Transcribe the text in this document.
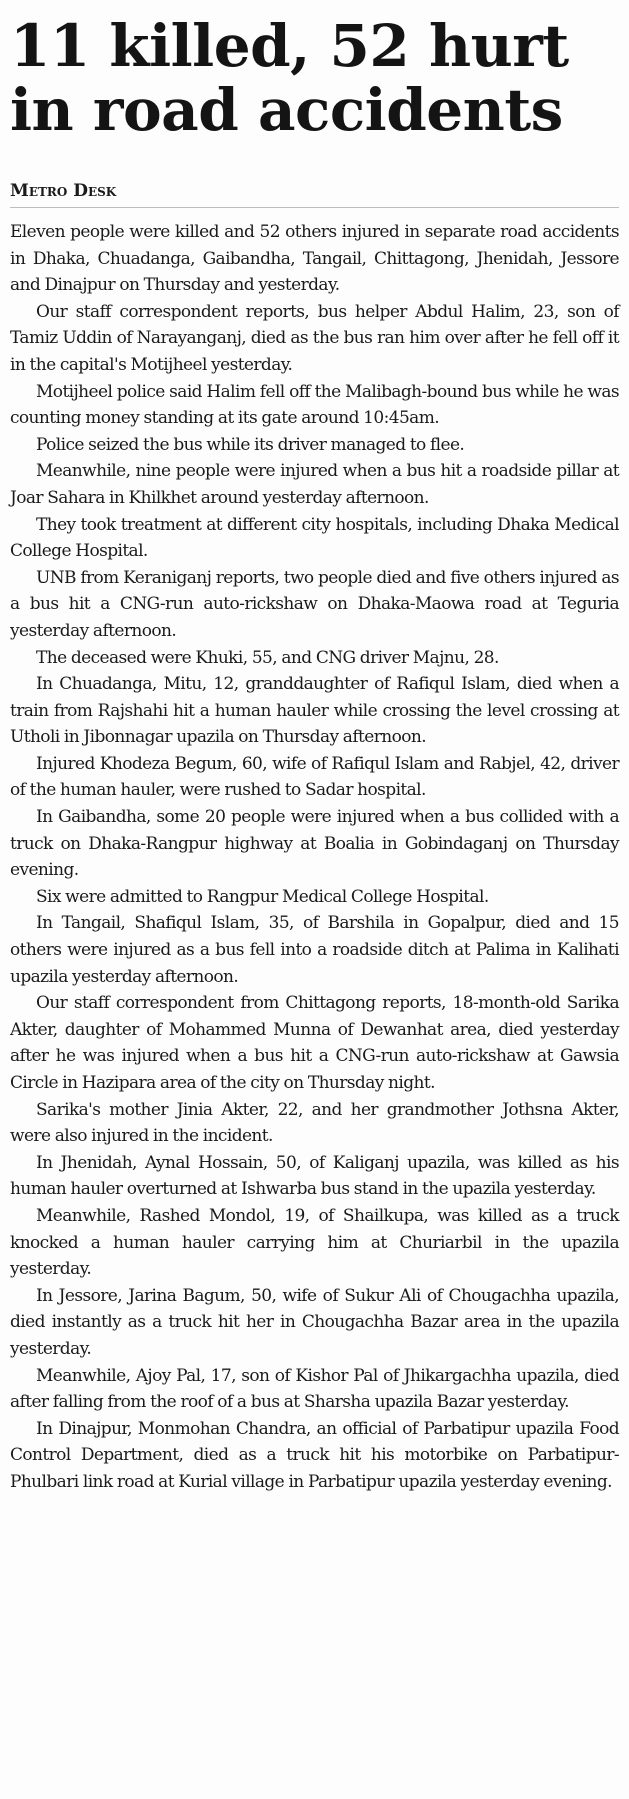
11 killed, 52 hurt
in road accidents
Metro Desk

Eleven people were killed and 52 others injured in separate road accidents in Dhaka, Chuadanga, Gaibandha, Tangail, Chittagong, Jhenidah, Jessore and Dinajpur on Thursday and yesterday.

Our staff correspondent reports, bus helper Abdul Halim, 23, son of Tamiz Uddin of Narayanganj, died as the bus ran him over after he fell off it in the capital's Motijheel yesterday.

Motijheel police said Halim fell off the Malibagh-bound bus while he was counting money standing at its gate around 10:45am.

Police seized the bus while its driver managed to flee.

Meanwhile, nine people were injured when a bus hit a roadside pillar at Joar Sahara in Khilkhet around yesterday afternoon.

They took treatment at different city hospitals, including Dhaka Medical College Hospital.

UNB from Keraniganj reports, two people died and five others injured as a bus hit a CNG-run auto-rickshaw on Dhaka-Maowa road at Teguria yesterday afternoon.

The deceased were Khuki, 55, and CNG driver Majnu, 28.

In Chuadanga, Mitu, 12, granddaughter of Rafiqul Islam, died when a train from Rajshahi hit a human hauler while crossing the level crossing at Utholi in Jibonnagar upazila on Thursday afternoon.

Injured Khodeza Begum, 60, wife of Rafiqul Islam and Rabjel, 42, driver of the human hauler, were rushed to Sadar hospital.

In Gaibandha, some 20 people were injured when a bus collided with a truck on Dhaka-Rangpur highway at Boalia in Gobindaganj on Thursday evening.

Six were admitted to Rangpur Medical College Hospital.

In Tangail, Shafiqul Islam, 35, of Barshila in Gopalpur, died and 15 others were injured as a bus fell into a roadside ditch at Palima in Kalihati upazila yesterday afternoon.

Our staff correspondent from Chittagong reports, 18-month-old Sarika Akter, daughter of Mohammed Munna of Dewanhat area, died yesterday after he was injured when a bus hit a CNG-run auto-rickshaw at Gawsia Circle in Hazipara area of the city on Thursday night.

Sarika's mother Jinia Akter, 22, and her grandmother Jothsna Akter, were also injured in the incident.

In Jhenidah, Aynal Hossain, 50, of Kaliganj upazila, was killed as his human hauler overturned at Ishwarba bus stand in the upazila yesterday.

Meanwhile, Rashed Mondol, 19, of Shailkupa, was killed as a truck knocked a human hauler carrying him at Churiarbil in the upazila yesterday.

In Jessore, Jarina Bagum, 50, wife of Sukur Ali of Chougachha upazila, died instantly as a truck hit her in Chougachha Bazar area in the upazila yesterday.

Meanwhile, Ajoy Pal, 17, son of Kishor Pal of Jhikargachha upazila, died after falling from the roof of a bus at Sharsha upazila Bazar yesterday.

In Dinajpur, Monmohan Chandra, an official of Parbatipur upazila Food Control Department, died as a truck hit his motorbike on Parbatipur-Phulbari link road at Kurial village in Parbatipur upazila yesterday evening.
